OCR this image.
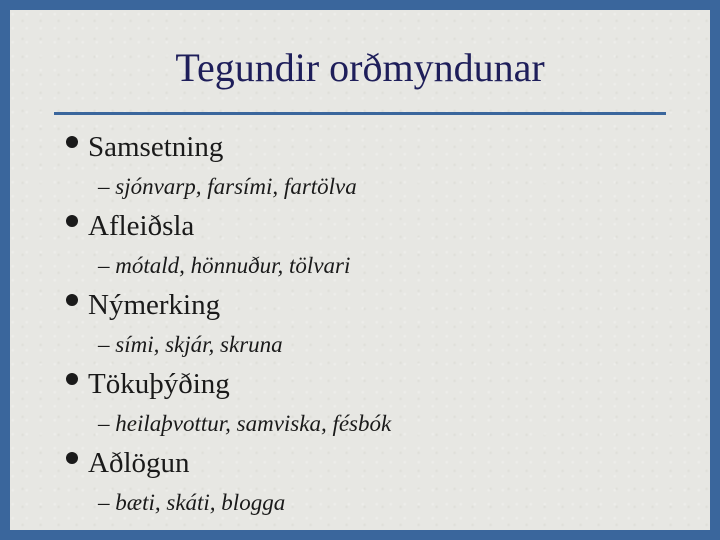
Tegundir orðmyndunar
Samsetning
– sjónvarp, farsími, fartölva
Afleiðsla
– mótald, hönnuður, tölvari
Nýmerking
– sími, skjár, skruna
Tökuþýðing
– heilaþvottur, samviska, fésbók
Aðlögun
– bæti, skáti, blogga
